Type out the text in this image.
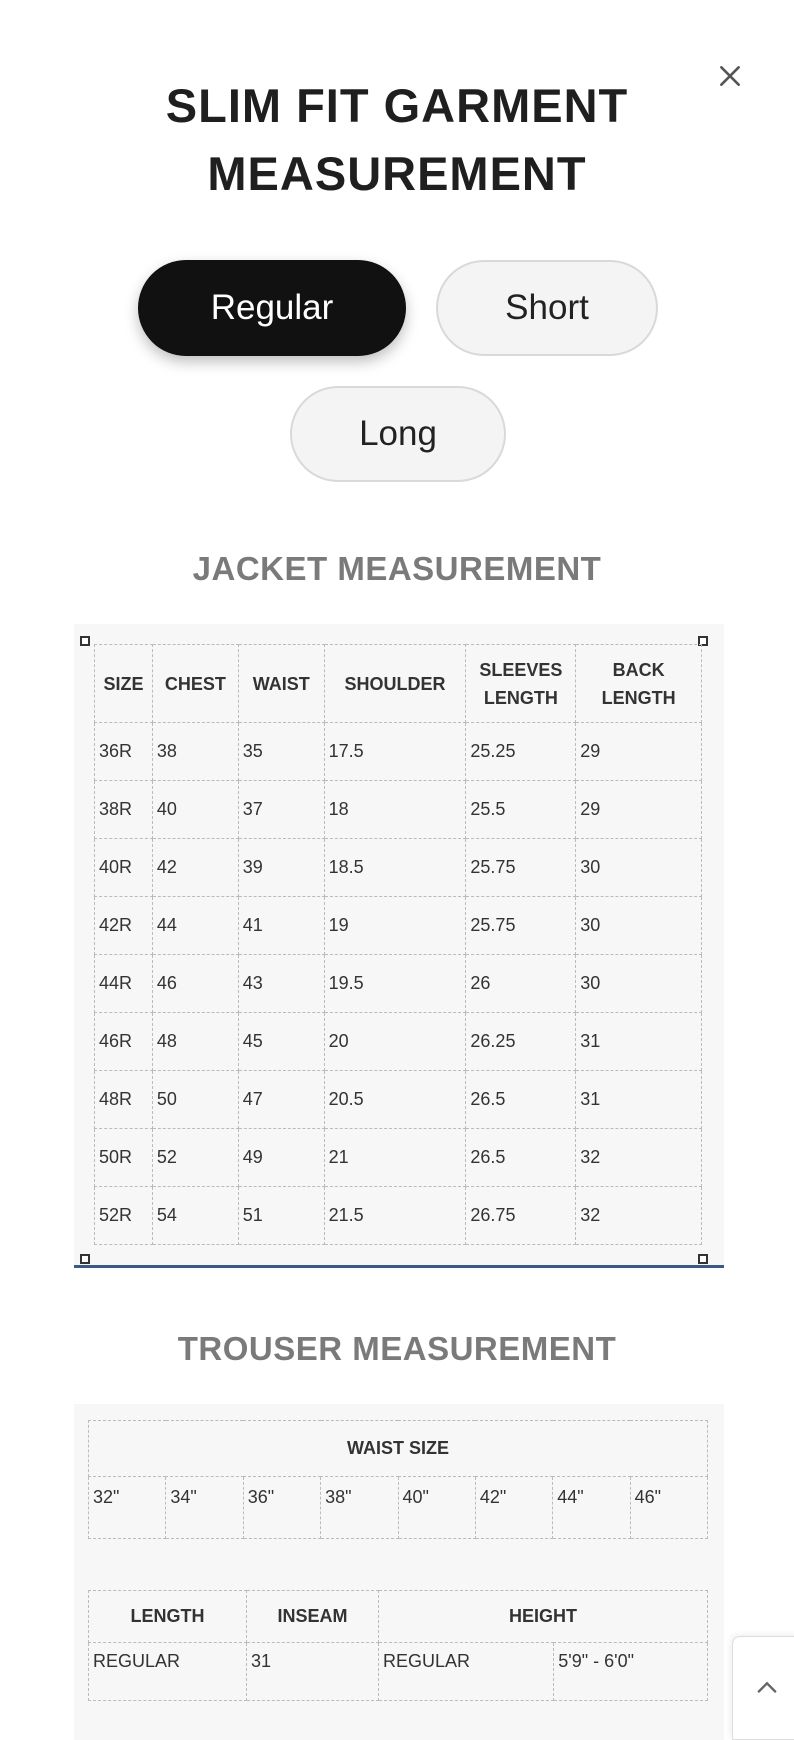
SLIM FIT GARMENT
MEASUREMENT
Regular	Short
Long
JACKET MEASUREMENT
SIZE	CHEST	WAIST	SHOULDER	SLEEVES LENGTH	BACK LENGTH
36R	38	35	17.5	25.25	29
38R	40	37	18	25.5	29
40R	42	39	18.5	25.75	30
42R	44	41	19	25.75	30
44R	46	43	19.5	26	30
46R	48	45	20	26.25	31
48R	50	47	20.5	26.5	31
50R	52	49	21	26.5	32
52R	54	51	21.5	26.75	32
TROUSER MEASUREMENT
WAIST SIZE
32"	34"	36"	38"	40"	42"	44"	46"
LENGTH	INSEAM	HEIGHT	
REGULAR	31	REGULAR	5'9" - 6'0"
